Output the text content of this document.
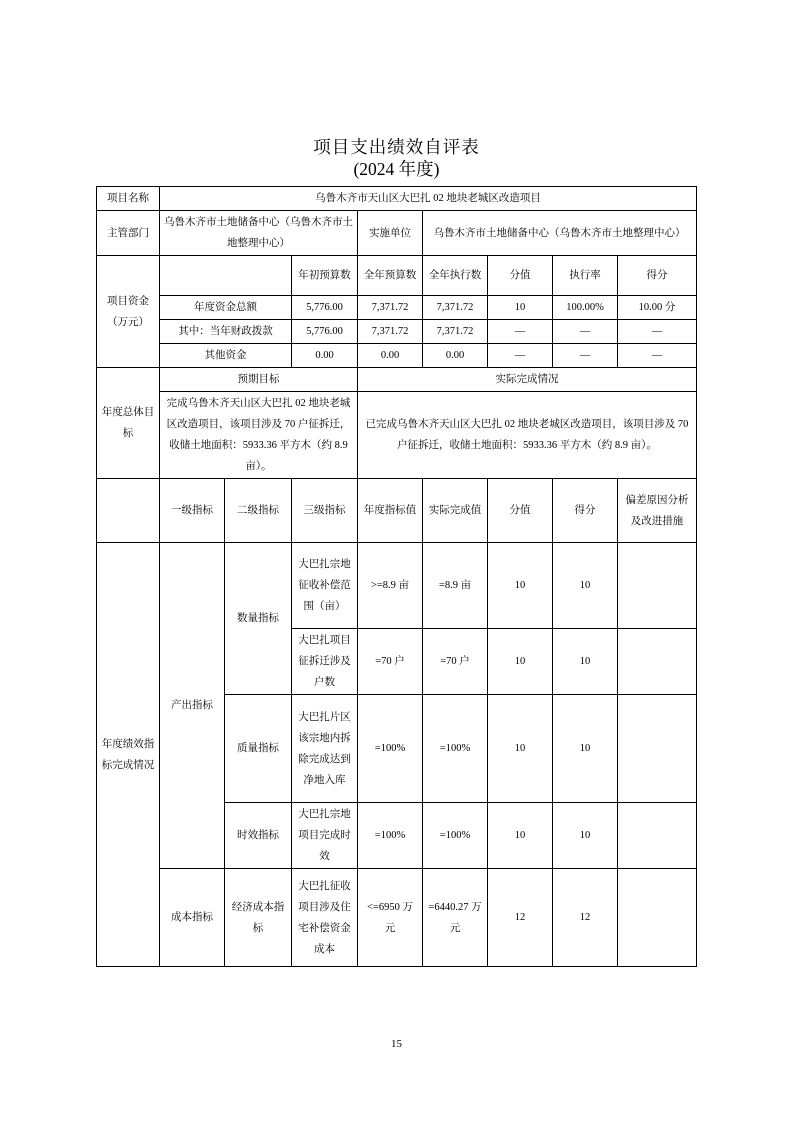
项目支出绩效自评表
(2024 年度)
项目名称	乌鲁木齐市天山区大巴扎 02 地块老城区改造项目							
主管部门	乌鲁木齐市土地储备中心（乌鲁木齐市土地整理中心）			实施单位	乌鲁木齐市土地储备中心（乌鲁木齐市土地整理中心）			
项目资金（万元）			年初预算数	全年预算数	全年执行数	分值	执行率	得分
	年度资金总额		5,776.00	7,371.72	7,371.72	10	100.00%	10.00 分
	其中：当年财政拨款		5,776.00	7,371.72	7,371.72	—	—	—
	其他资金		0.00	0.00	0.00	—	—	—
年度总体目标	预期目标			实际完成情况				
	完成乌鲁木齐天山区大巴扎 02 地块老城区改造项目，该项目涉及 70 户征拆迁，收储土地面积：5933.36 平方木（约 8.9 亩）。			已完成乌鲁木齐天山区大巴扎 02 地块老城区改造项目，该项目涉及 70 户征拆迁，收储土地面积：5933.36 平方木（约 8.9 亩）。				
	一级指标	二级指标	三级指标	年度指标值	实际完成值	分值	得分	偏差原因分析及改进措施
年度绩效指标完成情况	产出指标	数量指标	大巴扎宗地征收补偿范围（亩）	>=8.9 亩	=8.9 亩	10	10	
			大巴扎项目征拆迁涉及户数	=70 户	=70 户	10	10	
		质量指标	大巴扎片区该宗地内拆除完成达到净地入库	=100%	=100%	10	10	
		时效指标	大巴扎宗地项目完成时效	=100%	=100%	10	10	
	成本指标	经济成本指标	大巴扎征收项目涉及住宅补偿资金成本	<=6950 万元	=6440.27 万元	12	12	
15
